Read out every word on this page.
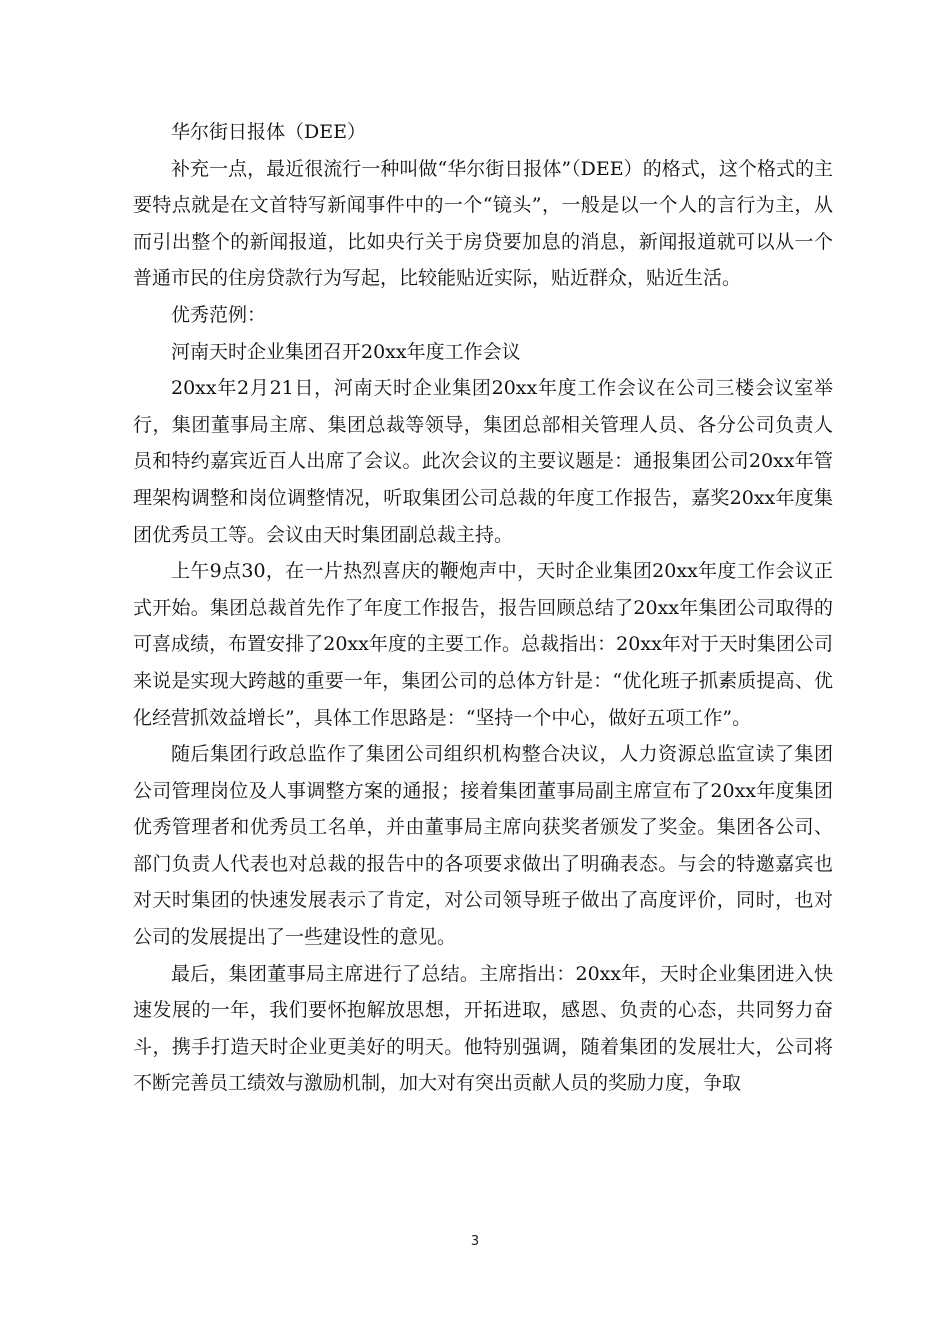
华尔街日报体（DEE）

补充一点，最近很流行一种叫做“华尔街日报体”（DEE）的格式，这个格式的主要特点就是在文首特写新闻事件中的一个“镜头”，一般是以一个人的言行为主，从而引出整个的新闻报道，比如央行关于房贷要加息的消息，新闻报道就可以从一个普通市民的住房贷款行为写起，比较能贴近实际，贴近群众，贴近生活。

优秀范例：

河南天时企业集团召开20xx年度工作会议

20xx年2月21日，河南天时企业集团20xx年度工作会议在公司三楼会议室举行，集团董事局主席、集团总裁等领导，集团总部相关管理人员、各分公司负责人员和特约嘉宾近百人出席了会议。此次会议的主要议题是：通报集团公司20xx年管理架构调整和岗位调整情况，听取集团公司总裁的年度工作报告，嘉奖20xx年度集团优秀员工等。会议由天时集团副总裁主持。

上午9点30，在一片热烈喜庆的鞭炮声中，天时企业集团20xx年度工作会议正式开始。集团总裁首先作了年度工作报告，报告回顾总结了20xx年集团公司取得的可喜成绩，布置安排了20xx年度的主要工作。总裁指出：20xx年对于天时集团公司来说是实现大跨越的重要一年，集团公司的总体方针是：“优化班子抓素质提高、优化经营抓效益增长”，具体工作思路是：“坚持一个中心，做好五项工作”。

随后集团行政总监作了集团公司组织机构整合决议，人力资源总监宣读了集团公司管理岗位及人事调整方案的通报；接着集团董事局副主席宣布了20xx年度集团优秀管理者和优秀员工名单，并由董事局主席向获奖者颁发了奖金。集团各公司、部门负责人代表也对总裁的报告中的各项要求做出了明确表态。与会的特邀嘉宾也对天时集团的快速发展表示了肯定，对公司领导班子做出了高度评价，同时，也对公司的发展提出了一些建设性的意见。

最后，集团董事局主席进行了总结。主席指出：20xx年，天时企业集团进入快速发展的一年，我们要怀抱解放思想，开拓进取，感恩、负责的心态，共同努力奋斗，携手打造天时企业更美好的明天。他特别强调，随着集团的发展壮大，公司将不断完善员工绩效与激励机制，加大对有突出贡献人员的奖励力度，争取

3
